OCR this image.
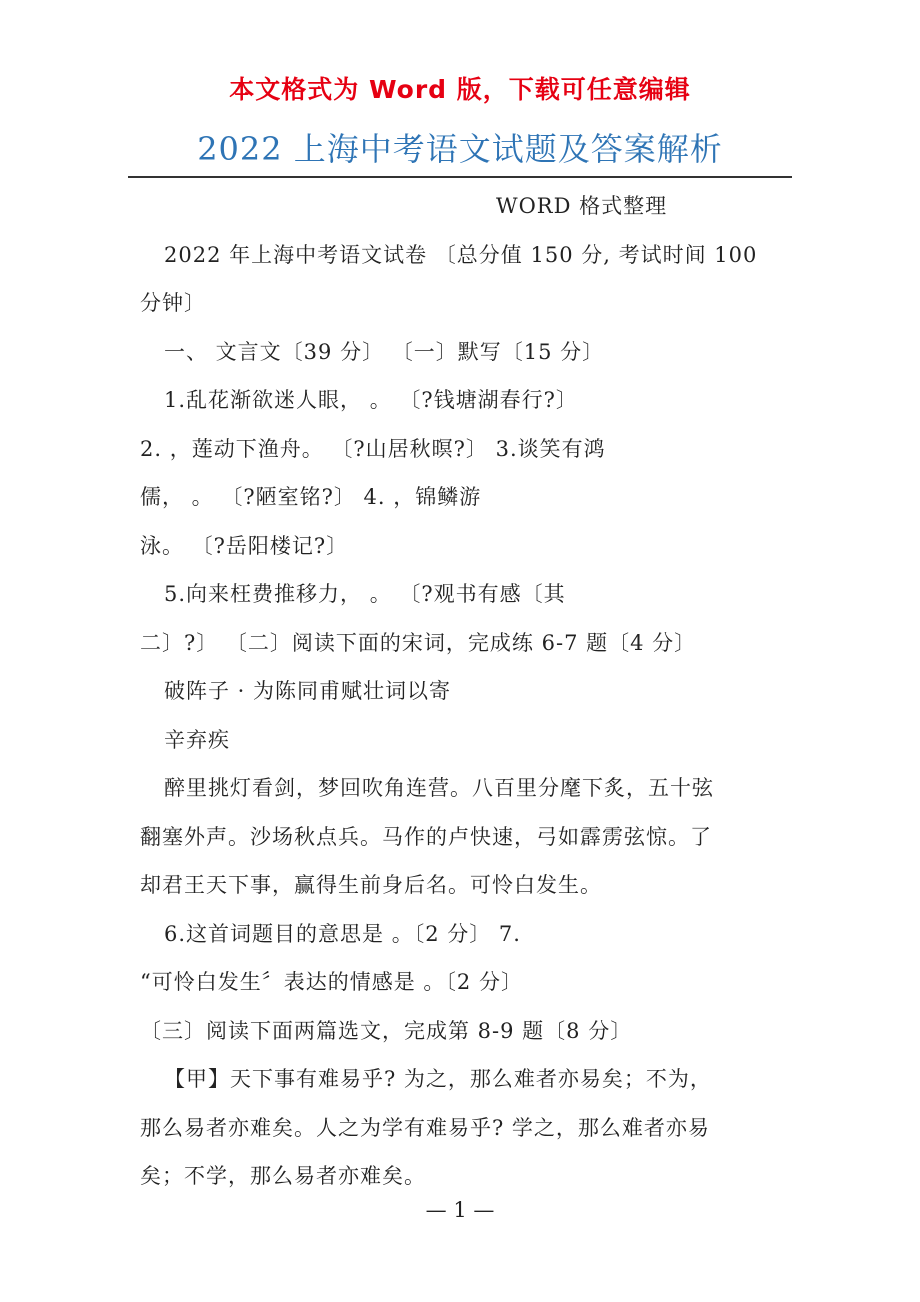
本文格式为 Word 版，下载可任意编辑
2022 上海中考语文试题及答案解析
WORD 格式整理
2022 年上海中考语文试卷 〔总分值 150 分, 考试时间 100
分钟〕
一、 文言文〔39 分〕 〔一〕默写〔15 分〕
1.乱花渐欲迷人眼， 。 〔?钱塘湖春行?〕
2. ，莲动下渔舟。 〔?山居秋暝?〕 3.谈笑有鸿
儒， 。 〔?陋室铭?〕 4. ，锦鳞游
泳。 〔?岳阳楼记?〕
5.向来枉费推移力， 。 〔?观书有感〔其
二〕?〕 〔二〕阅读下面的宋词，完成练 6-7 题〔4 分〕
破阵子 · 为陈同甫赋壮词以寄
辛弃疾
醉里挑灯看剑，梦回吹角连营。八百里分麾下炙，五十弦
翻塞外声。沙场秋点兵。马作的卢快速，弓如霹雳弦惊。了
却君王天下事，赢得生前身后名。可怜白发生。
6.这首词题目的意思是 。〔2 分〕 7.
“可怜白发生〞表达的情感是 。〔2 分〕
〔三〕阅读下面两篇选文，完成第 8-9 题〔8 分〕
【甲】天下事有难易乎? 为之，那么难者亦易矣；不为，
那么易者亦难矣。人之为学有难易乎? 学之，那么难者亦易
矣；不学，那么易者亦难矣。
— 1 —
